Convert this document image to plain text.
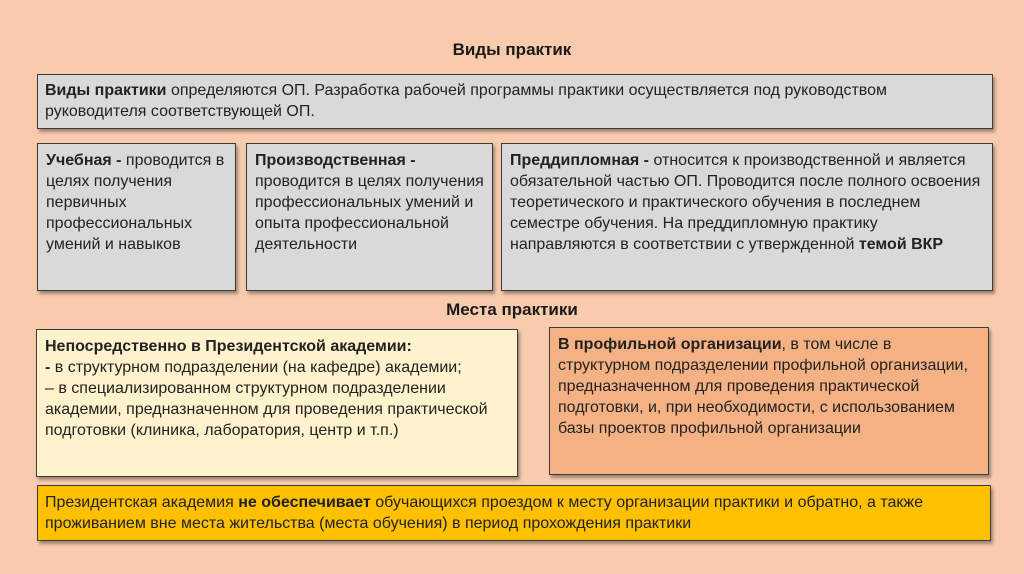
Виды практик
Виды практики определяются ОП. Разработка рабочей программы практики осуществляется под руководством руководителя соответствующей ОП.
Учебная - проводится в целях получения первичных профессиональных умений и навыков
Производственная - проводится в целях получения профессиональных умений и опыта профессиональной деятельности
Преддипломная - относится к производственной и является обязательной частью ОП. Проводится после полного освоения теоретического и практического обучения в последнем семестре обучения. На преддипломную практику направляются в соответствии с утвержденной темой ВКР
Места практики
Непосредственно в Президентской академии:
- в структурном подразделении (на кафедре) академии;
– в специализированном структурном подразделении академии, предназначенном для проведения практической подготовки (клиника, лаборатория, центр и т.п.)
В профильной организации, в том числе в структурном подразделении профильной организации, предназначенном для проведения практической подготовки, и, при необходимости, с использованием базы проектов профильной организации
Президентская академия не обеспечивает обучающихся проездом к месту организации практики и обратно, а также проживанием вне места жительства (места обучения) в период прохождения практики
